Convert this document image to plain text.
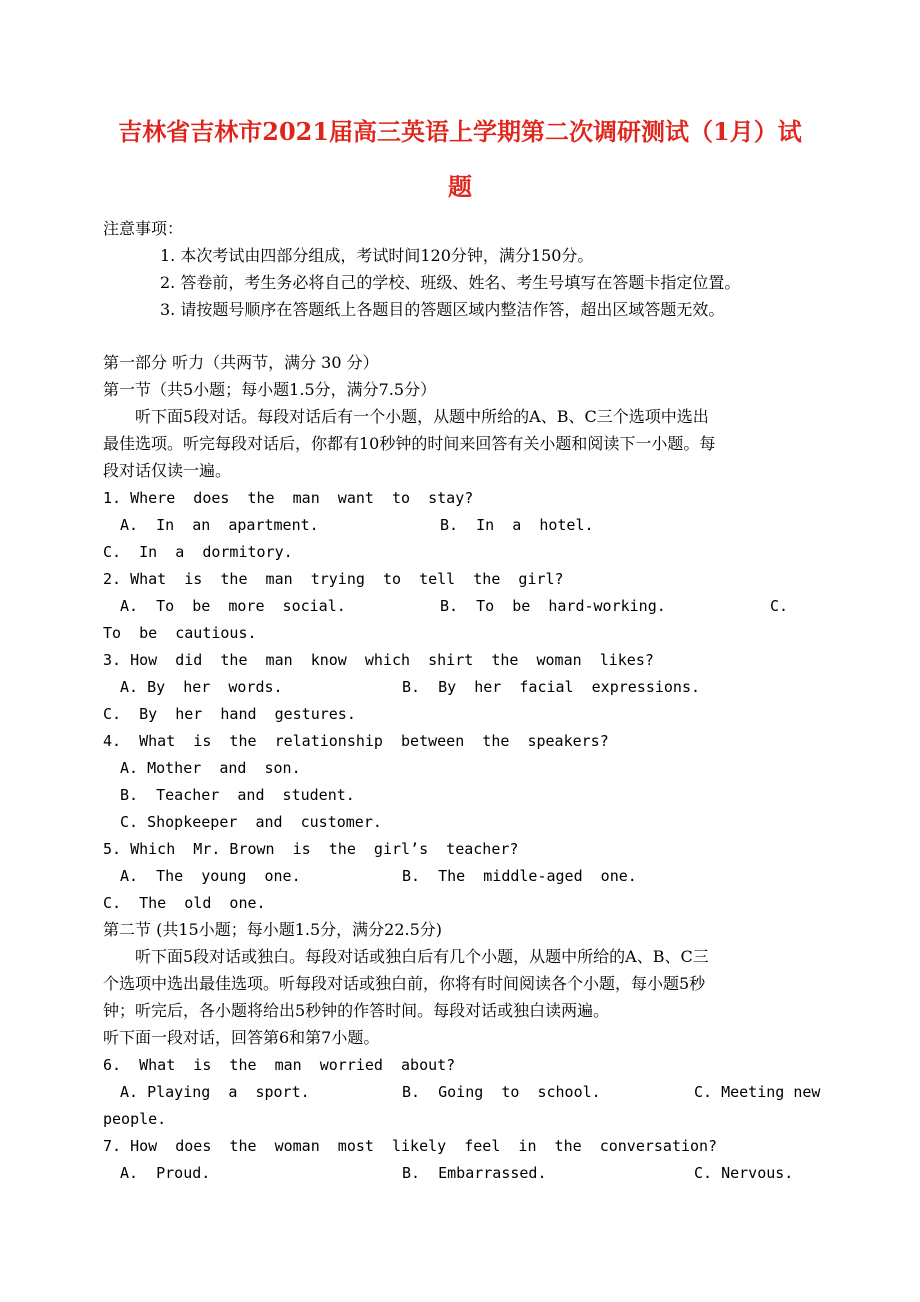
吉林省吉林市2021届高三英语上学期第二次调研测试（1月）试
题
注意事项：
1. 本次考试由四部分组成，考试时间120分钟，满分150分。
2. 答卷前，考生务必将自己的学校、班级、姓名、考生号填写在答题卡指定位置。
3. 请按题号顺序在答题纸上各题目的答题区域内整洁作答，超出区域答题无效。
第一部分 听力（共两节，满分 30 分）
第一节（共5小题；每小题1.5分，满分7.5分）
听下面5段对话。每段对话后有一个小题，从题中所给的A、B、C三个选项中选出
最佳选项。听完每段对话后，你都有10秒钟的时间来回答有关小题和阅读下一小题。每
段对话仅读一遍。
1. Where  does  the  man  want  to  stay?
A.  In  an  apartment.	B.  In  a  hotel.
C.  In  a  dormitory.
2. What  is  the  man  trying  to  tell  the  girl?
A.  To  be  more  social.	B.  To  be  hard-working.	C.
To  be  cautious.
3. How  did  the  man  know  which  shirt  the  woman  likes?
A. By  her  words.	B.  By  her  facial  expressions.
C.  By  her  hand  gestures.
4.  What  is  the  relationship  between  the  speakers?
A. Mother  and  son.
B.  Teacher  and  student.
C. Shopkeeper  and  customer.
5. Which  Mr. Brown  is  the  girl’s  teacher?
A.  The  young  one.	B.  The  middle-aged  one.
C.  The  old  one.
第二节 (共15小题；每小题1.5分，满分22.5分)
听下面5段对话或独白。每段对话或独白后有几个小题，从题中所给的A、B、C三
个选项中选出最佳选项。听每段对话或独白前，你将有时间阅读各个小题，每小题5秒
钟；听完后，各小题将给出5秒钟的作答时间。每段对话或独白读两遍。
听下面一段对话，回答第6和第7小题。
6.  What  is  the  man  worried  about?
A. Playing  a  sport.	B.  Going  to  school.	C. Meeting new
people.
7. How  does  the  woman  most  likely  feel  in  the  conversation?
A.  Proud.	B.  Embarrassed.	C. Nervous.
